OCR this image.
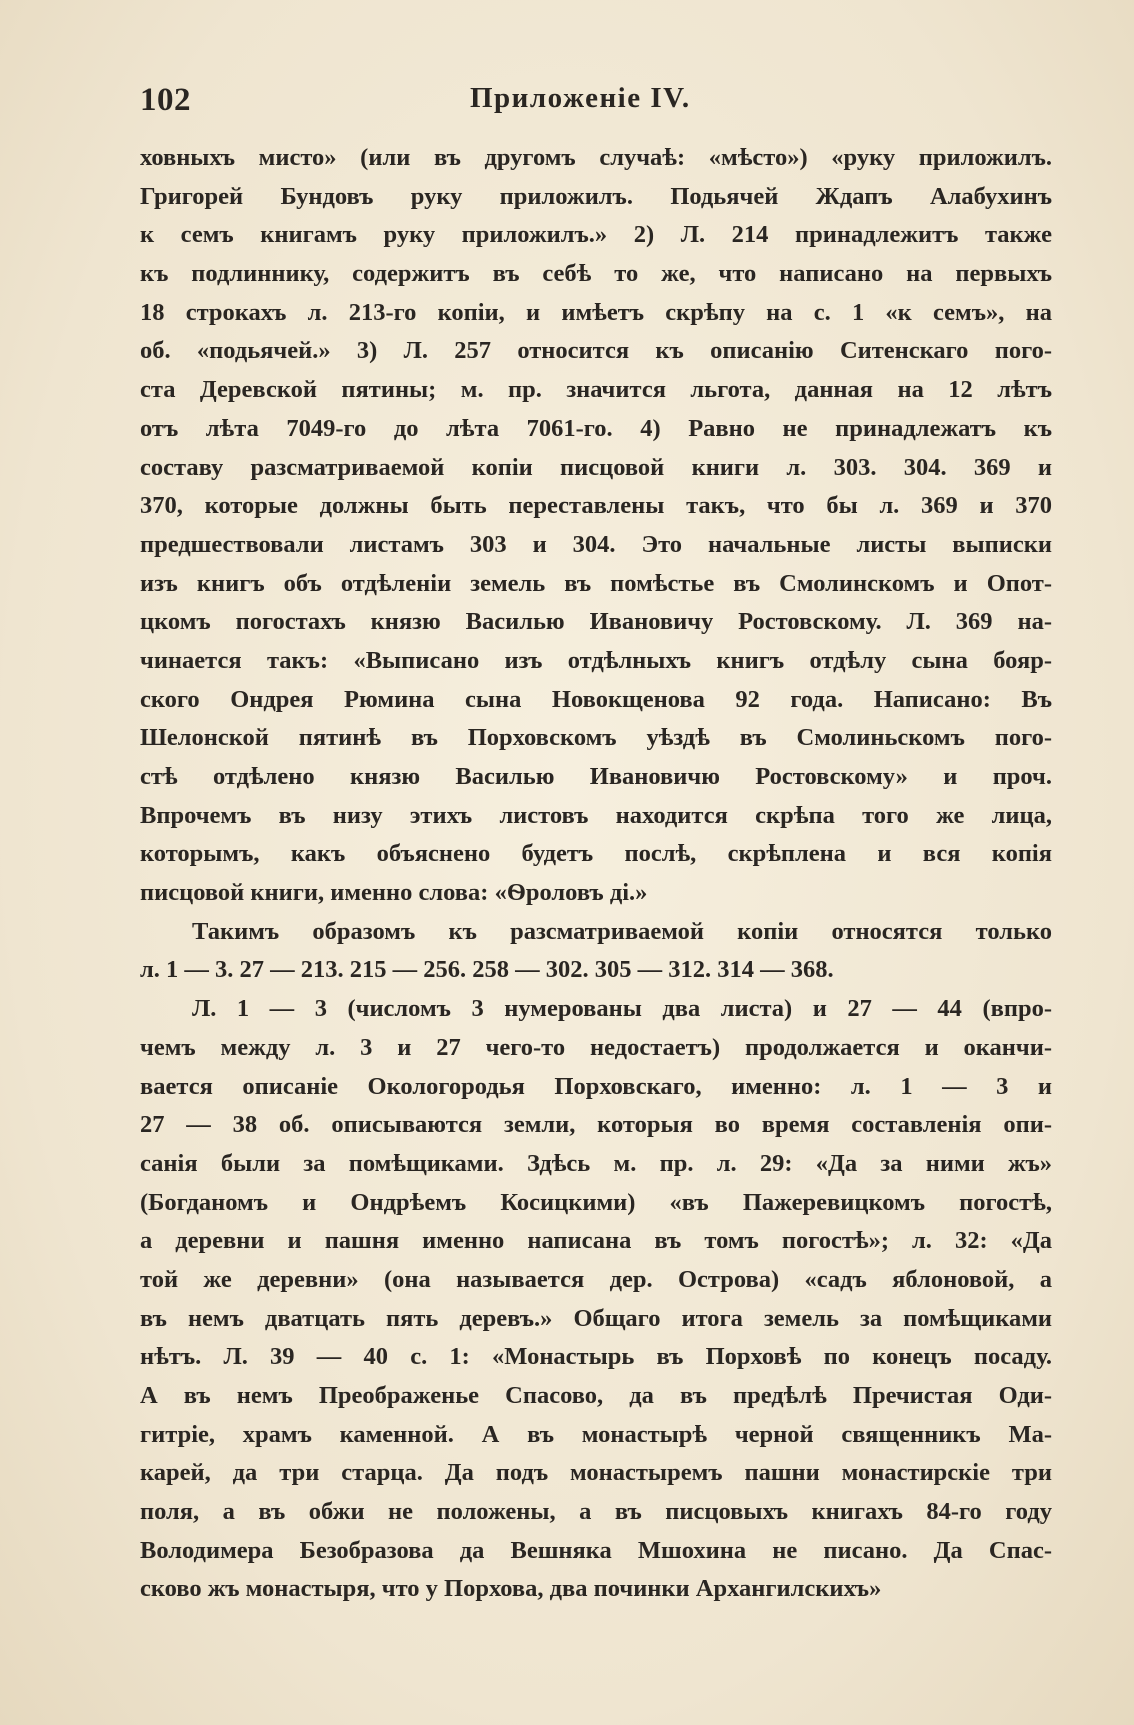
102	Приложеніе IV.
ховныхъ мисто» (или въ другомъ случаѣ: «мѣсто») «руку приложилъ.
Григорей Бундовъ руку приложилъ. Подьячей Ждапъ Алабухинъ
к семъ книгамъ руку приложилъ.» 2) Л. 214 принадлежитъ также
къ подлиннику, содержитъ въ себѣ то же, что написано на первыхъ
18 строкахъ л. 213-го копіи, и имѣетъ скрѣпу на с. 1 «к семъ», на
об. «подьячей.» 3) Л. 257 относится къ описанію Ситенскаго пого-
ста Деревской пятины; м. пр. значится льгота, данная на 12 лѣтъ
отъ лѣта 7049-го до лѣта 7061-го. 4) Равно не принадлежатъ къ
составу разсматриваемой копіи писцовой книги л. 303. 304. 369 и
370, которые должны быть переставлены такъ, что бы л. 369 и 370
предшествовали листамъ 303 и 304. Это начальные листы выписки
изъ книгъ объ отдѣленіи земель въ помѣстье въ Смолинскомъ и Опот-
цкомъ погостахъ князю Василью Ивановичу Ростовскому. Л. 369 на-
чинается такъ: «Выписано изъ отдѣлныхъ книгъ отдѣлу сына бояр-
ского Ондрея Рюмина сына Новокщенова 92 года. Написано: Въ
Шелонской пятинѣ въ Порховскомъ уѣздѣ въ Смолиньскомъ пого-
стѣ отдѣлено князю Василью Ивановичю Ростовскому» и проч.
Впрочемъ въ низу этихъ листовъ находится скрѣпа того же лица,
которымъ, какъ объяснено будетъ послѣ, скрѣплена и вся копія
писцовой книги, именно слова: «Ѳроловъ ді.»
Такимъ образомъ къ разсматриваемой копіи относятся только
л. 1 — 3. 27 — 213. 215 — 256. 258 — 302. 305 — 312. 314 — 368.
Л. 1 — 3 (числомъ 3 нумерованы два листа) и 27 — 44 (впро-
чемъ между л. 3 и 27 чего-то недостаетъ) продолжается и оканчи-
вается описаніе Окологородья Порховскаго, именно: л. 1 — 3 и
27 — 38 об. описываются земли, которыя во время составленія опи-
санія были за помѣщиками. Здѣсь м. пр. л. 29: «Да за ними жъ»
(Богданомъ и Ондрѣемъ Косицкими) «въ Пажеревицкомъ погостѣ,
а деревни и пашня именно написана въ томъ погостѣ»; л. 32: «Да
той же деревни» (она называется дер. Острова) «садъ яблоновой, а
въ немъ дватцать пять деревъ.» Общаго итога земель за помѣщиками
нѣтъ. Л. 39 — 40 с. 1: «Монастырь въ Порховѣ по конецъ посаду.
А въ немъ Преображенье Спасово, да въ предѣлѣ Пречистая Оди-
гитріе, храмъ каменной. А въ монастырѣ черной священникъ Ма-
карей, да три старца. Да подъ монастыремъ пашни монастирскіе три
поля, а въ обжи не положены, а въ писцовыхъ книгахъ 84-го году
Володимера Безобразова да Вешняка Мшохина не писано. Да Спас-
сково жъ монастыря, что у Порхова, два починки Архангилскихъ»
